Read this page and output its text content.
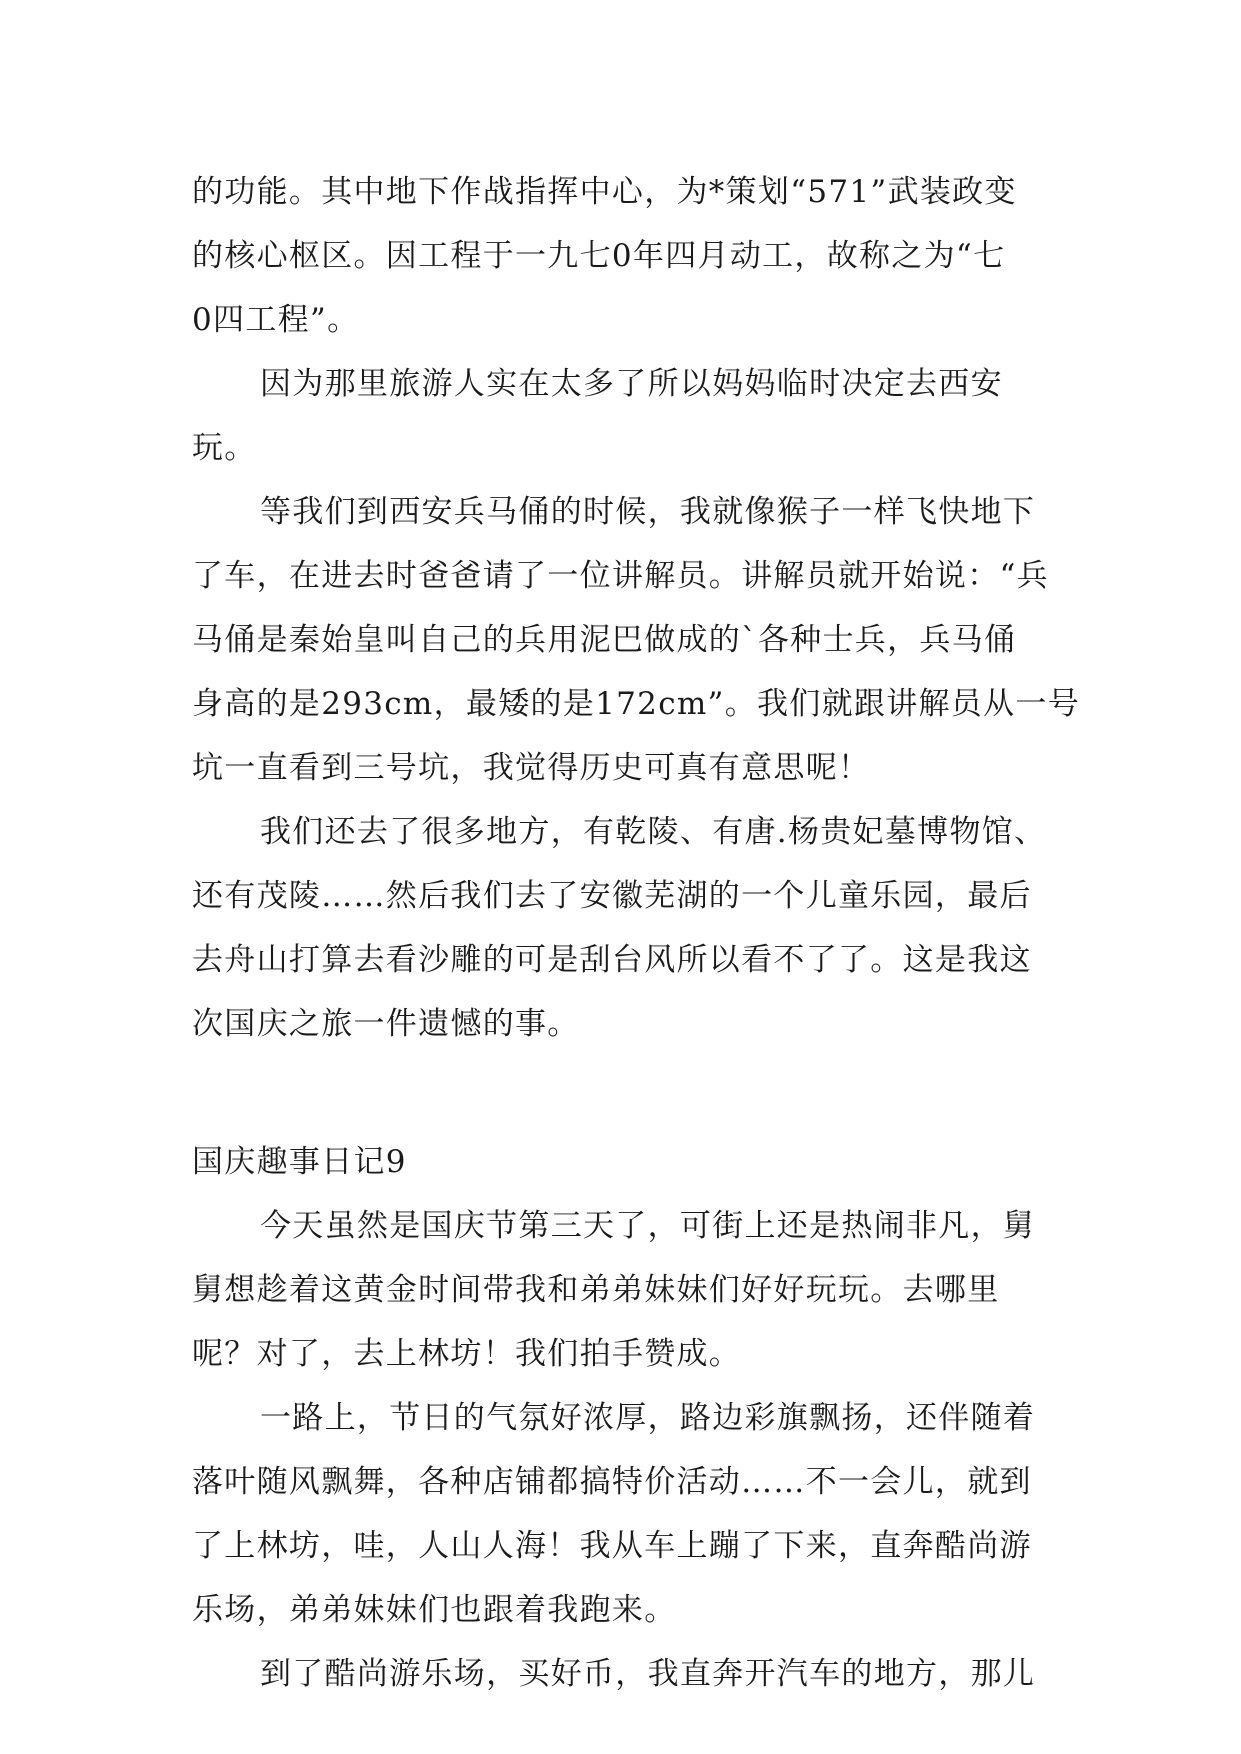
的功能。其中地下作战指挥中心，为*策划“571”武装政变
的核心枢区。因工程于一九七0年四月动工，故称之为“七
0四工程”。
因为那里旅游人实在太多了所以妈妈临时决定去西安
玩。
等我们到西安兵马俑的时候，我就像猴子一样飞快地下
了车，在进去时爸爸请了一位讲解员。讲解员就开始说：“兵
马俑是秦始皇叫自己的兵用泥巴做成的`各种士兵，兵马俑
身高的是293cm，最矮的是172cm”。我们就跟讲解员从一号
坑一直看到三号坑，我觉得历史可真有意思呢！
我们还去了很多地方，有乾陵、有唐.杨贵妃墓博物馆、
还有茂陵……然后我们去了安徽芜湖的一个儿童乐园，最后
去舟山打算去看沙雕的可是刮台风所以看不了了。这是我这
次国庆之旅一件遗憾的事。
国庆趣事日记9
今天虽然是国庆节第三天了，可街上还是热闹非凡，舅
舅想趁着这黄金时间带我和弟弟妹妹们好好玩玩。去哪里
呢？对了，去上林坊！我们拍手赞成。
一路上，节日的气氛好浓厚，路边彩旗飘扬，还伴随着
落叶随风飘舞，各种店铺都搞特价活动……不一会儿，就到
了上林坊，哇，人山人海！我从车上蹦了下来，直奔酷尚游
乐场，弟弟妹妹们也跟着我跑来。
到了酷尚游乐场，买好币，我直奔开汽车的地方，那儿
